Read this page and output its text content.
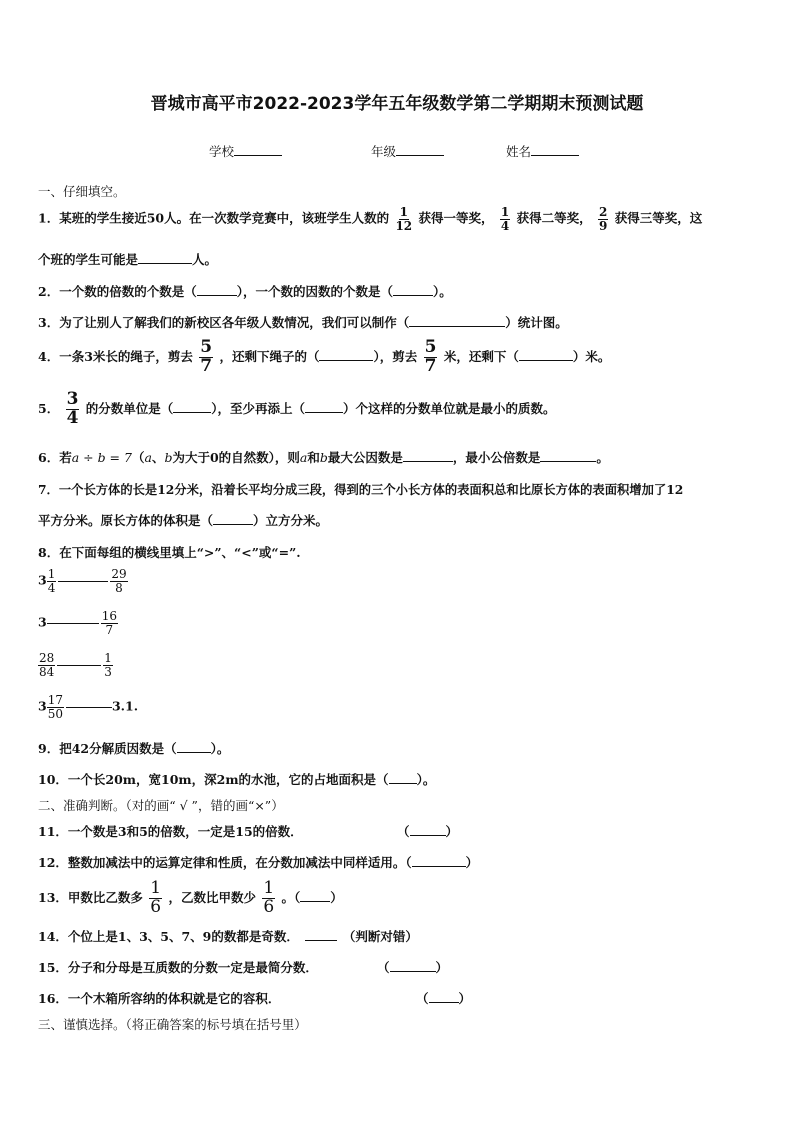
晋城市高平市2022-2023学年五年级数学第二学期期末预测试题
学校	年级	姓名
一、仔细填空。
1．某班的学生接近50人。在一次数学竞赛中，该班学生人数的 $\frac{1}{12}$ 获得一等奖， $\frac{1}{4}$ 获得二等奖， $\frac{2}{9}$ 获得三等奖，这
个班的学生可能是	人。
2．一个数的倍数的个数是（	），一个数的因数的个数是（	）。
3．为了让别人了解我们的新校区各年级人数情况，我们可以制作（	）统计图。
4．一条3米长的绳子，剪去 $\frac{5}{7}$ ，还剩下绳子的（	），剪去 $\frac{5}{7}$ 米，还剩下（	）米。
5． $\frac{3}{4}$ 的分数单位是（	），至少再添上（	）个这样的分数单位就是最小的质数。
6．若a ÷ b = 7（a、b为大于0的自然数），则a和b最大公因数是	，最小公倍数是	。
7．一个长方体的长是12分米，沿着长平均分成三段，得到的三个小长方体的表面积总和比原长方体的表面积增加了12
平方分米。原长方体的体积是（	）立方分米。
8．在下面每组的横线里填上“>”、“<”或“=”.
$3 \frac{1}{4}$	$\frac{29}{8}$
3	$\frac{16}{7}$
$\frac{28}{84}$	$\frac{1}{3}$
$3 \frac{17}{50}$	3.1.
9．把42分解质因数是（	）。
10．一个长20m，宽10m，深2m的水池，它的占地面积是（ ）。
二、准确判断。（对的画“ √ ”，错的画“×”）
11．一个数是3和5的倍数，一定是15的倍数．	（	）
12．整数加减法中的运算定律和性质，在分数加减法中同样适用。（	）
13．甲数比乙数多 $\frac{1}{6}$ ，乙数比甲数少 $\frac{1}{6}$ 。（ ）
14．个位上是1、3、5、7、9的数都是奇数．	（判断对错）
15．分子和分母是互质数的分数一定是最简分数．	（	）
16．一个木箱所容纳的体积就是它的容积．	（ ）
三、谨慎选择。（将正确答案的标号填在括号里）
